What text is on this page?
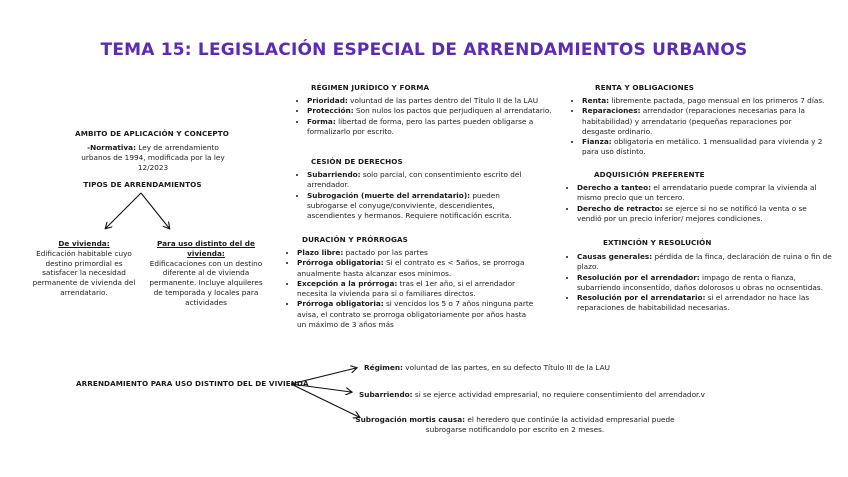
TEMA 15: LEGISLACIÓN ESPECIAL DE ARRENDAMIENTOS URBANOS
AMBITO DE APLICACIÓN Y CONCEPTO
-Normativa: Ley de arrendamiento urbanos de 1994, modificada por la ley 12/2023
TIPOS DE ARRENDAMIENTOS
De vivienda:
Edificación habitable cuyo destino primordial es satisfacer la necesidad permanente de vivienda del arrendatario.
Para uso distinto del de vivienda:
Edificacaciones con un destino diferente al de vivienda permanente. Incluye alquileres de temporada y locales para actividades
RÉGIMEN JURÍDICO Y FORMA
• Prioridad: voluntad de las partes dentro del Título II de la LAU
• Protección: Son nulos los pactos que perjudiquen al arrendatario.
• Forma: libertad de forma, pero las partes pueden obligarse a formalizarlo por escrito.
CESIÓN DE DERECHOS
• Subarriendo: solo parcial, con consentimiento escrito del arrendador.
• Subrogación (muerte del arrendatario): pueden subrogarse el conyuge/conviviente, descendientes, ascendientes y hermanos. Requiere notificación escrita.
DURACIÓN Y PRÓRROGAS
• Plazo libre: pactado por las partes
• Prórroga obligatoria: Si el contrato es < 5años, se prorroga anualmente hasta alcanzar esos minimos.
• Excepción a la prórroga: tras el 1er año, si el arrendador necesita la vivienda para si o familiares directos.
• Prórroga obligatoria: si vencidos los 5 o 7 años ninguna parte avisa, el contrato se prorroga obligatoriamente por años hasta un máximo de 3 años más
RENTA Y OBLIGACIONES
• Renta: libremente pactada, pago mensual en los primeros 7 días.
• Reparaciones: arrendador (reparaciones necesarias para la habitabilidad) y arrendatario (pequeñas reparaciones por desgaste ordinario.
• Fianza: obligatoria en metálico. 1 mensualidad para vivienda y 2 para uso distinto.
ADQUISICIÓN PREFERENTE
• Derecho a tanteo: el arrendatario puede comprar la vivienda al mismo precio que un tercero.
• Derecho de retracto: se ejerce si no se notificó la venta o se vendió por un precio inferior/ mejores condiciones.
EXTINCIÓN Y RESOLUCIÓN
• Causas generales: pérdida de la finca, declaración de ruina o fin de plazo.
• Resolución por el arrendador: impago de renta o fianza, subarriendo inconsentido, daños dolorosos u obras no ocnsentidas.
• Resolución por el arrendatario: si el arrendador no hace las reparaciones de habitabilidad necesarias.
ARRENDAMIENTO PARA USO DISTINTO DEL DE VIVIENDA
Régimen: voluntad de las partes, en su defecto Título III de la LAU
Subarriendo: si se ejerce actividad empresarial, no requiere consentimiento del arrendador.v
Subrogación mortis causa: el heredero que continúe la actividad empresarial puede subrogarse notificandolo por escrito en 2 meses.
